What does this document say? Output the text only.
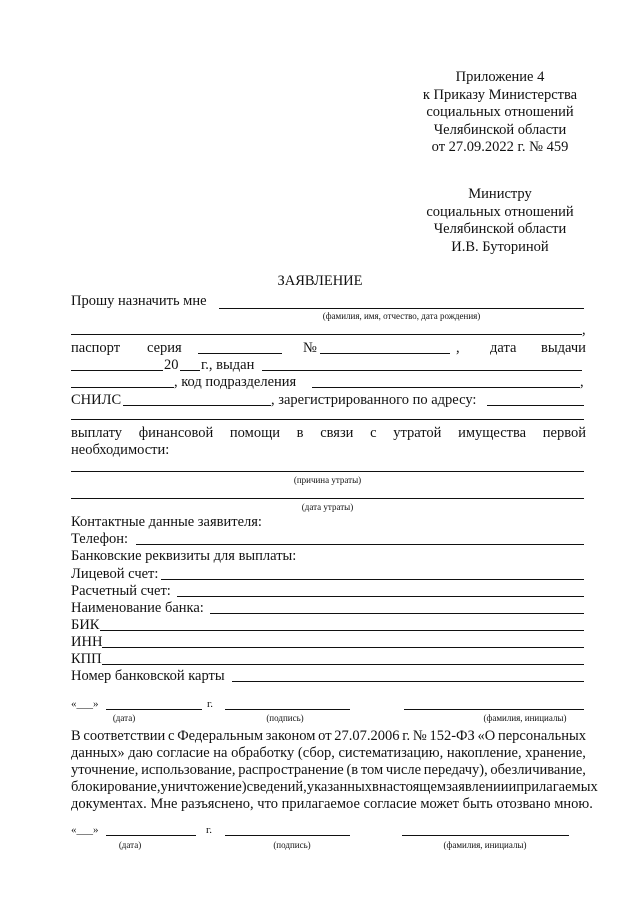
Приложение 4
к Приказу Министерства
социальных отношений
Челябинской области
от 27.09.2022 г. № 459
Министру
социальных отношений
Челябинской области
И.В. Буториной
ЗАЯВЛЕНИЕ
Прошу назначить мне
(фамилия, имя, отчество, дата рождения)
,
паспорт серия	№	, дата выдачи
20 г., выдан
, код подразделения	,
СНИЛС	, зарегистрированного по адресу:
выплату финансовой помощи в связи с утратой имущества первой
необходимости:
(причина утраты)
(дата утраты)
Контактные данные заявителя:
Телефон:
Банковские реквизиты для выплаты:
Лицевой счет:
Расчетный счет:
Наименование банка:
БИК
ИНН
КПП
Номер банковской карты
«___»	г.
(дата)	(подпись)	(фамилия, инициалы)
В соответствии с Федеральным законом от 27.07.2006 г. № 152-ФЗ «О персональных
данных» даю согласие на обработку (сбор, систематизацию, накопление, хранение,
уточнение, использование, распространение (в том числе передачу), обезличивание,
блокирование, уничтожение) сведений, указанных в настоящем заявлении и прилагаемых
документах. Мне разъяснено, что прилагаемое согласие может быть отозвано мною.
«___»	г.
(дата)	(подпись)	(фамилия, инициалы)
